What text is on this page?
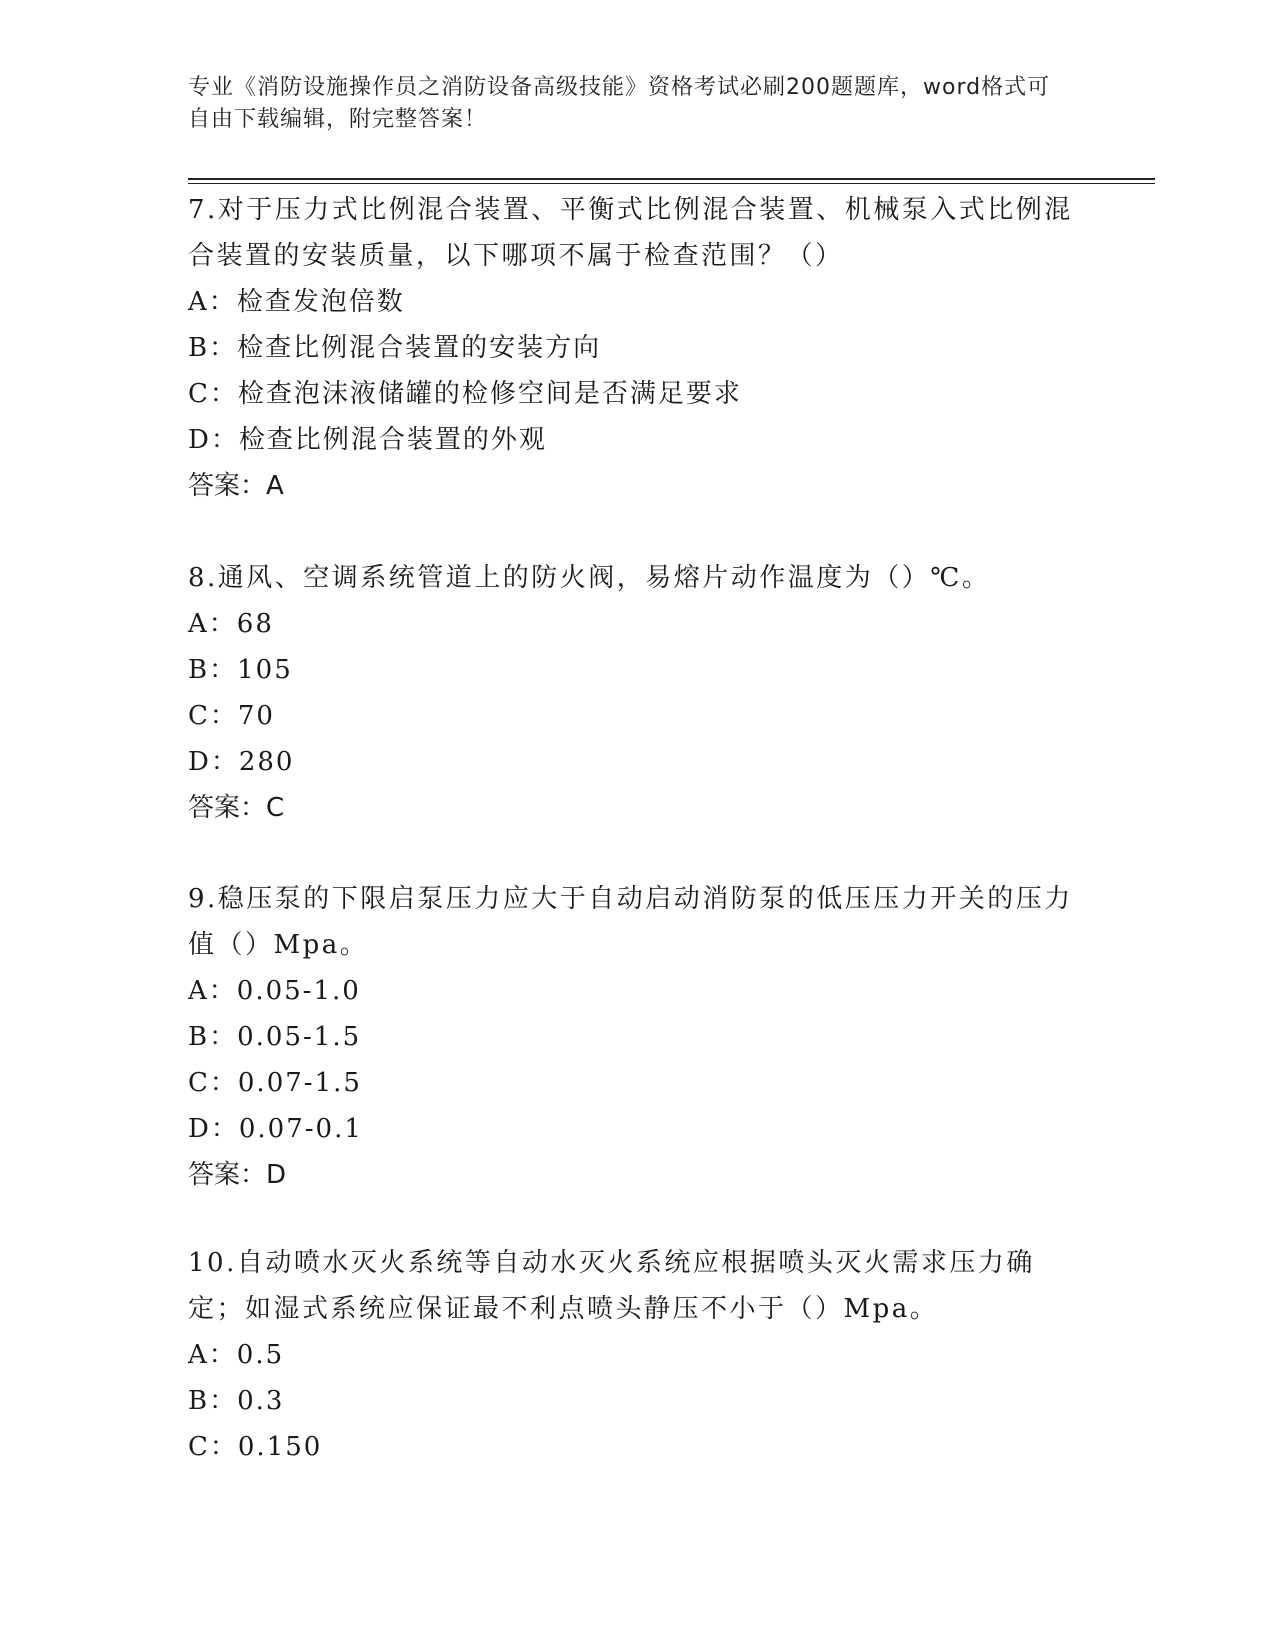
专业《消防设施操作员之消防设备高级技能》资格考试必刷200题题库，word格式可自由下载编辑，附完整答案！

7.对于压力式比例混合装置、平衡式比例混合装置、机械泵入式比例混合装置的安装质量，以下哪项不属于检查范围？（）

A：检查发泡倍数

B：检查比例混合装置的安装方向

C：检查泡沫液储罐的检修空间是否满足要求

D：检查比例混合装置的外观

答案：A

8.通风、空调系统管道上的防火阀，易熔片动作温度为（）℃。

A：68

B：105

C：70

D：280

答案：C

9.稳压泵的下限启泵压力应大于自动启动消防泵的低压压力开关的压力值（）Mpa。

A：0.05-1.0

B：0.05-1.5

C：0.07-1.5

D：0.07-0.1

答案：D

10.自动喷水灭火系统等自动水灭火系统应根据喷头灭火需求压力确定；如湿式系统应保证最不利点喷头静压不小于（）Mpa。

A：0.5

B：0.3

C：0.150
